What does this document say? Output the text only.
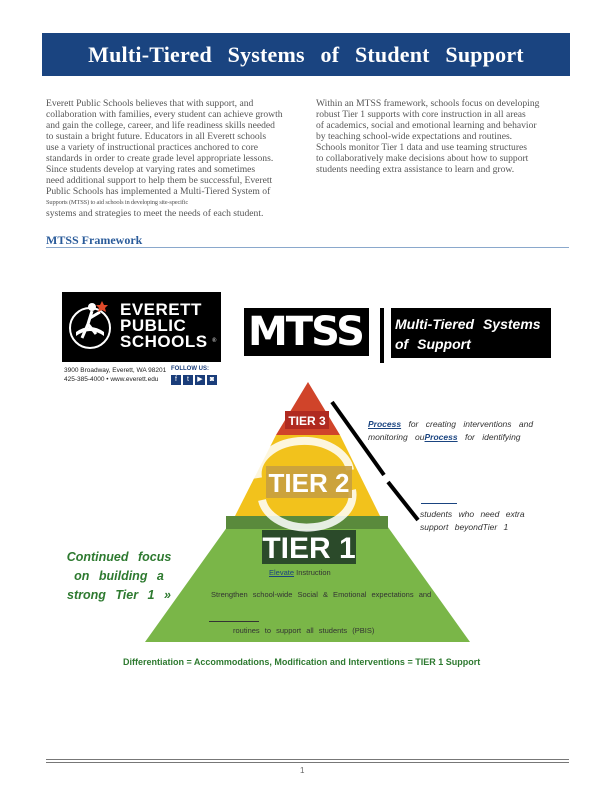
Multi-Tiered Systems of Student Support

Everett Public Schools believes that with support, and

collaboration with families, every student can achieve growth

and gain the college, career, and life readiness skills needed

to sustain a bright future. Educators in all Everett schools

use a variety of instructional practices anchored to core

standards in order to create grade level appropriate lessons.

Since students develop at varying rates and sometimes

need additional support to help them be successful, Everett

Public Schools has implemented a Multi-Tiered System of

Supports (MTSS) to aid schools in developing site-specific

systems and strategies to meet the needs of each student.

Within an MTSS framework, schools focus on developing

robust Tier 1 supports with core instruction in all areas

of academics, social and emotional learning and behavior

by teaching school-wide expectations and routines.

Schools monitor Tier 1 data and use teaming structures

to collaboratively make decisions about how to support

students needing extra assistance to learn and grow.

MTSS Framework
EVERETT
PUBLIC
SCHOOLS ®
3900 Broadway, Everett, WA 98201
425-385-4000 • www.everett.edu
FOLLOW US:
f	t	▶	◙
MTSS	Multi-Tiered Systems
of Support Framework
TIER 1
TIER 2
TIER 3
Continued focus on building a strong Tier 1 »
Process for creating interventions and
monitoring ouProcess for identifying
students who need extra
support beyondTier 1
Elevate Instruction
Strengthen school-wide Social & Emotional expectations and
routines to support all students (PBIS)
Differentiation = Accommodations, Modification and Interventions = TIER 1 Support
1
